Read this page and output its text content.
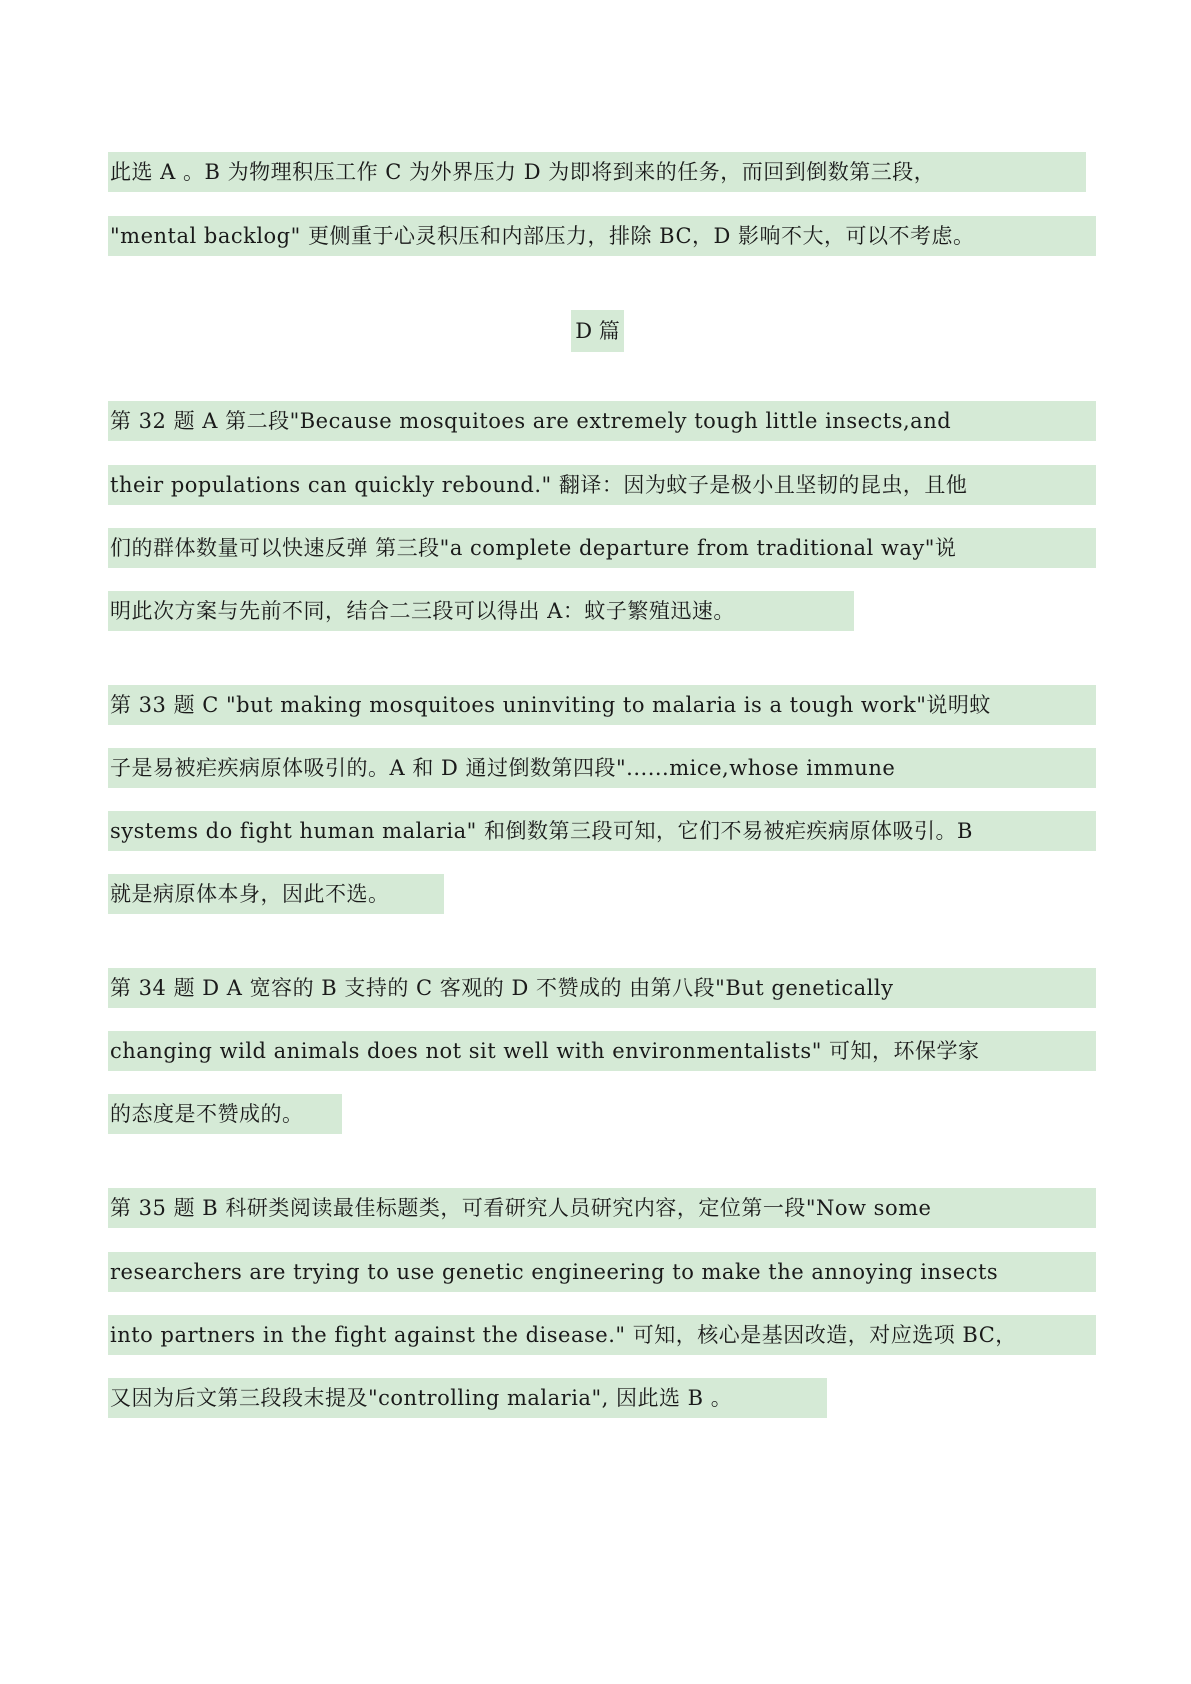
此选 A 。B 为物理积压工作 C 为外界压力 D 为即将到来的任务，而回到倒数第三段，
"mental backlog" 更侧重于心灵积压和内部压力，排除 BC，D 影响不大，可以不考虑。
D 篇
第 32 题 A 第二段"Because mosquitoes are extremely tough little insects,and
their populations can quickly rebound." 翻译：因为蚊子是极小且坚韧的昆虫，且他
们的群体数量可以快速反弹 第三段"a complete departure from traditional way"说
明此次方案与先前不同，结合二三段可以得出 A：蚊子繁殖迅速。
第 33 题 C "but making mosquitoes uninviting to malaria is a tough work"说明蚊
子是易被疟疾病原体吸引的。A 和 D 通过倒数第四段"......mice,whose immune
systems do fight human malaria" 和倒数第三段可知，它们不易被疟疾病原体吸引。B
就是病原体本身，因此不选。
第 34 题 D A 宽容的 B 支持的 C 客观的 D 不赞成的 由第八段"But genetically
changing wild animals does not sit well with environmentalists" 可知，环保学家
的态度是不赞成的。
第 35 题 B 科研类阅读最佳标题类，可看研究人员研究内容，定位第一段"Now some
researchers are trying to use genetic engineering to make the annoying insects
into partners in the fight against the disease." 可知，核心是基因改造，对应选项 BC，
又因为后文第三段段末提及"controlling malaria", 因此选 B 。
